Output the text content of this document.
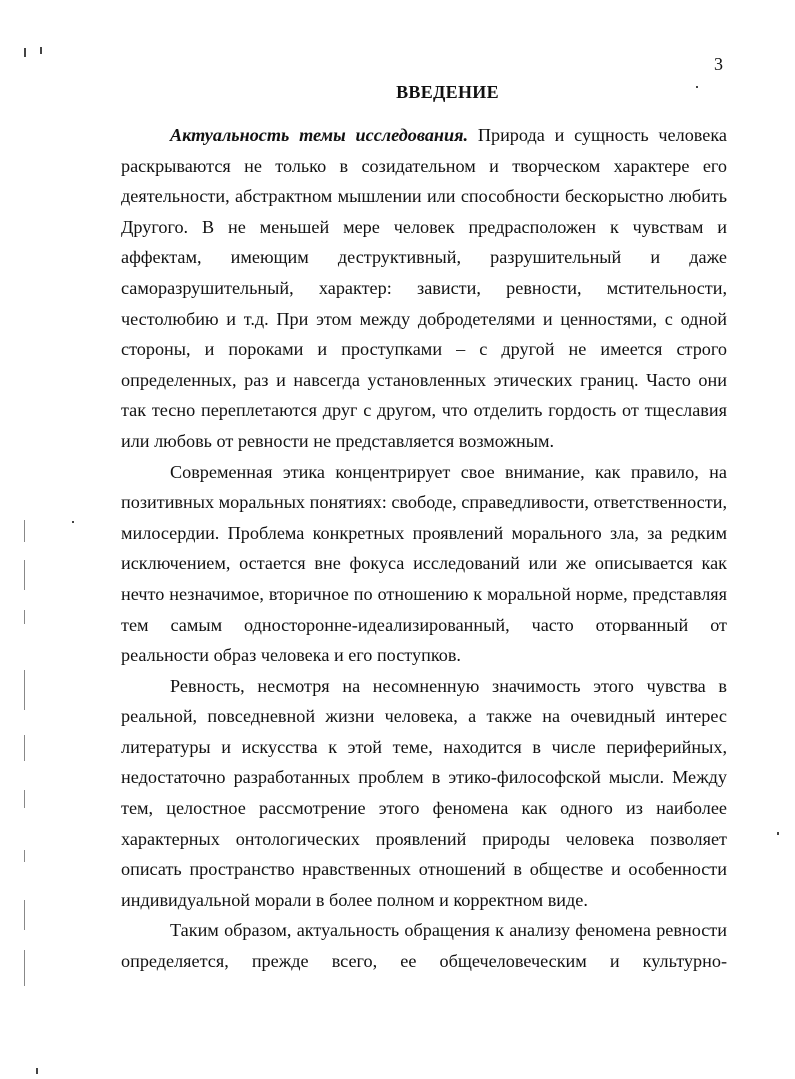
3
ВВЕДЕНИЕ

Актуальность темы исследования. Природа и сущность человека раскрываются не только в созидательном и творческом характере его деятельности, абстрактном мышлении или способности бескорыстно любить Другого. В не меньшей мере человек предрасположен к чувствам и аффектам, имеющим деструктивный, разрушительный и даже саморазрушительный, характер: зависти, ревности, мстительности, честолюбию и т.д. При этом между добродетелями и ценностями, с одной стороны, и пороками и проступками – с другой не имеется строго определенных, раз и навсегда установленных этических границ. Часто они так тесно переплетаются друг с другом, что отделить гордость от тщеславия или любовь от ревности не представляется возможным.

Современная этика концентрирует свое внимание, как правило, на позитивных моральных понятиях: свободе, справедливости, ответственности, милосердии. Проблема конкретных проявлений морального зла, за редким исключением, остается вне фокуса исследований или же описывается как нечто незначимое, вторичное по отношению к моральной норме, представляя тем самым односторонне-идеализированный, часто оторванный от реальности образ человека и его поступков.

Ревность, несмотря на несомненную значимость этого чувства в реальной, повседневной жизни человека, а также на очевидный интерес литературы и искусства к этой теме, находится в числе периферийных, недостаточно разработанных проблем в этико-философской мысли. Между тем, целостное рассмотрение этого феномена как одного из наиболее характерных онтологических проявлений природы человека позволяет описать пространство нравственных отношений в обществе и особенности индивидуальной морали в более полном и корректном виде.

Таким образом, актуальность обращения к анализу феномена ревности определяется, прежде всего, ее общечеловеческим и культурно-
